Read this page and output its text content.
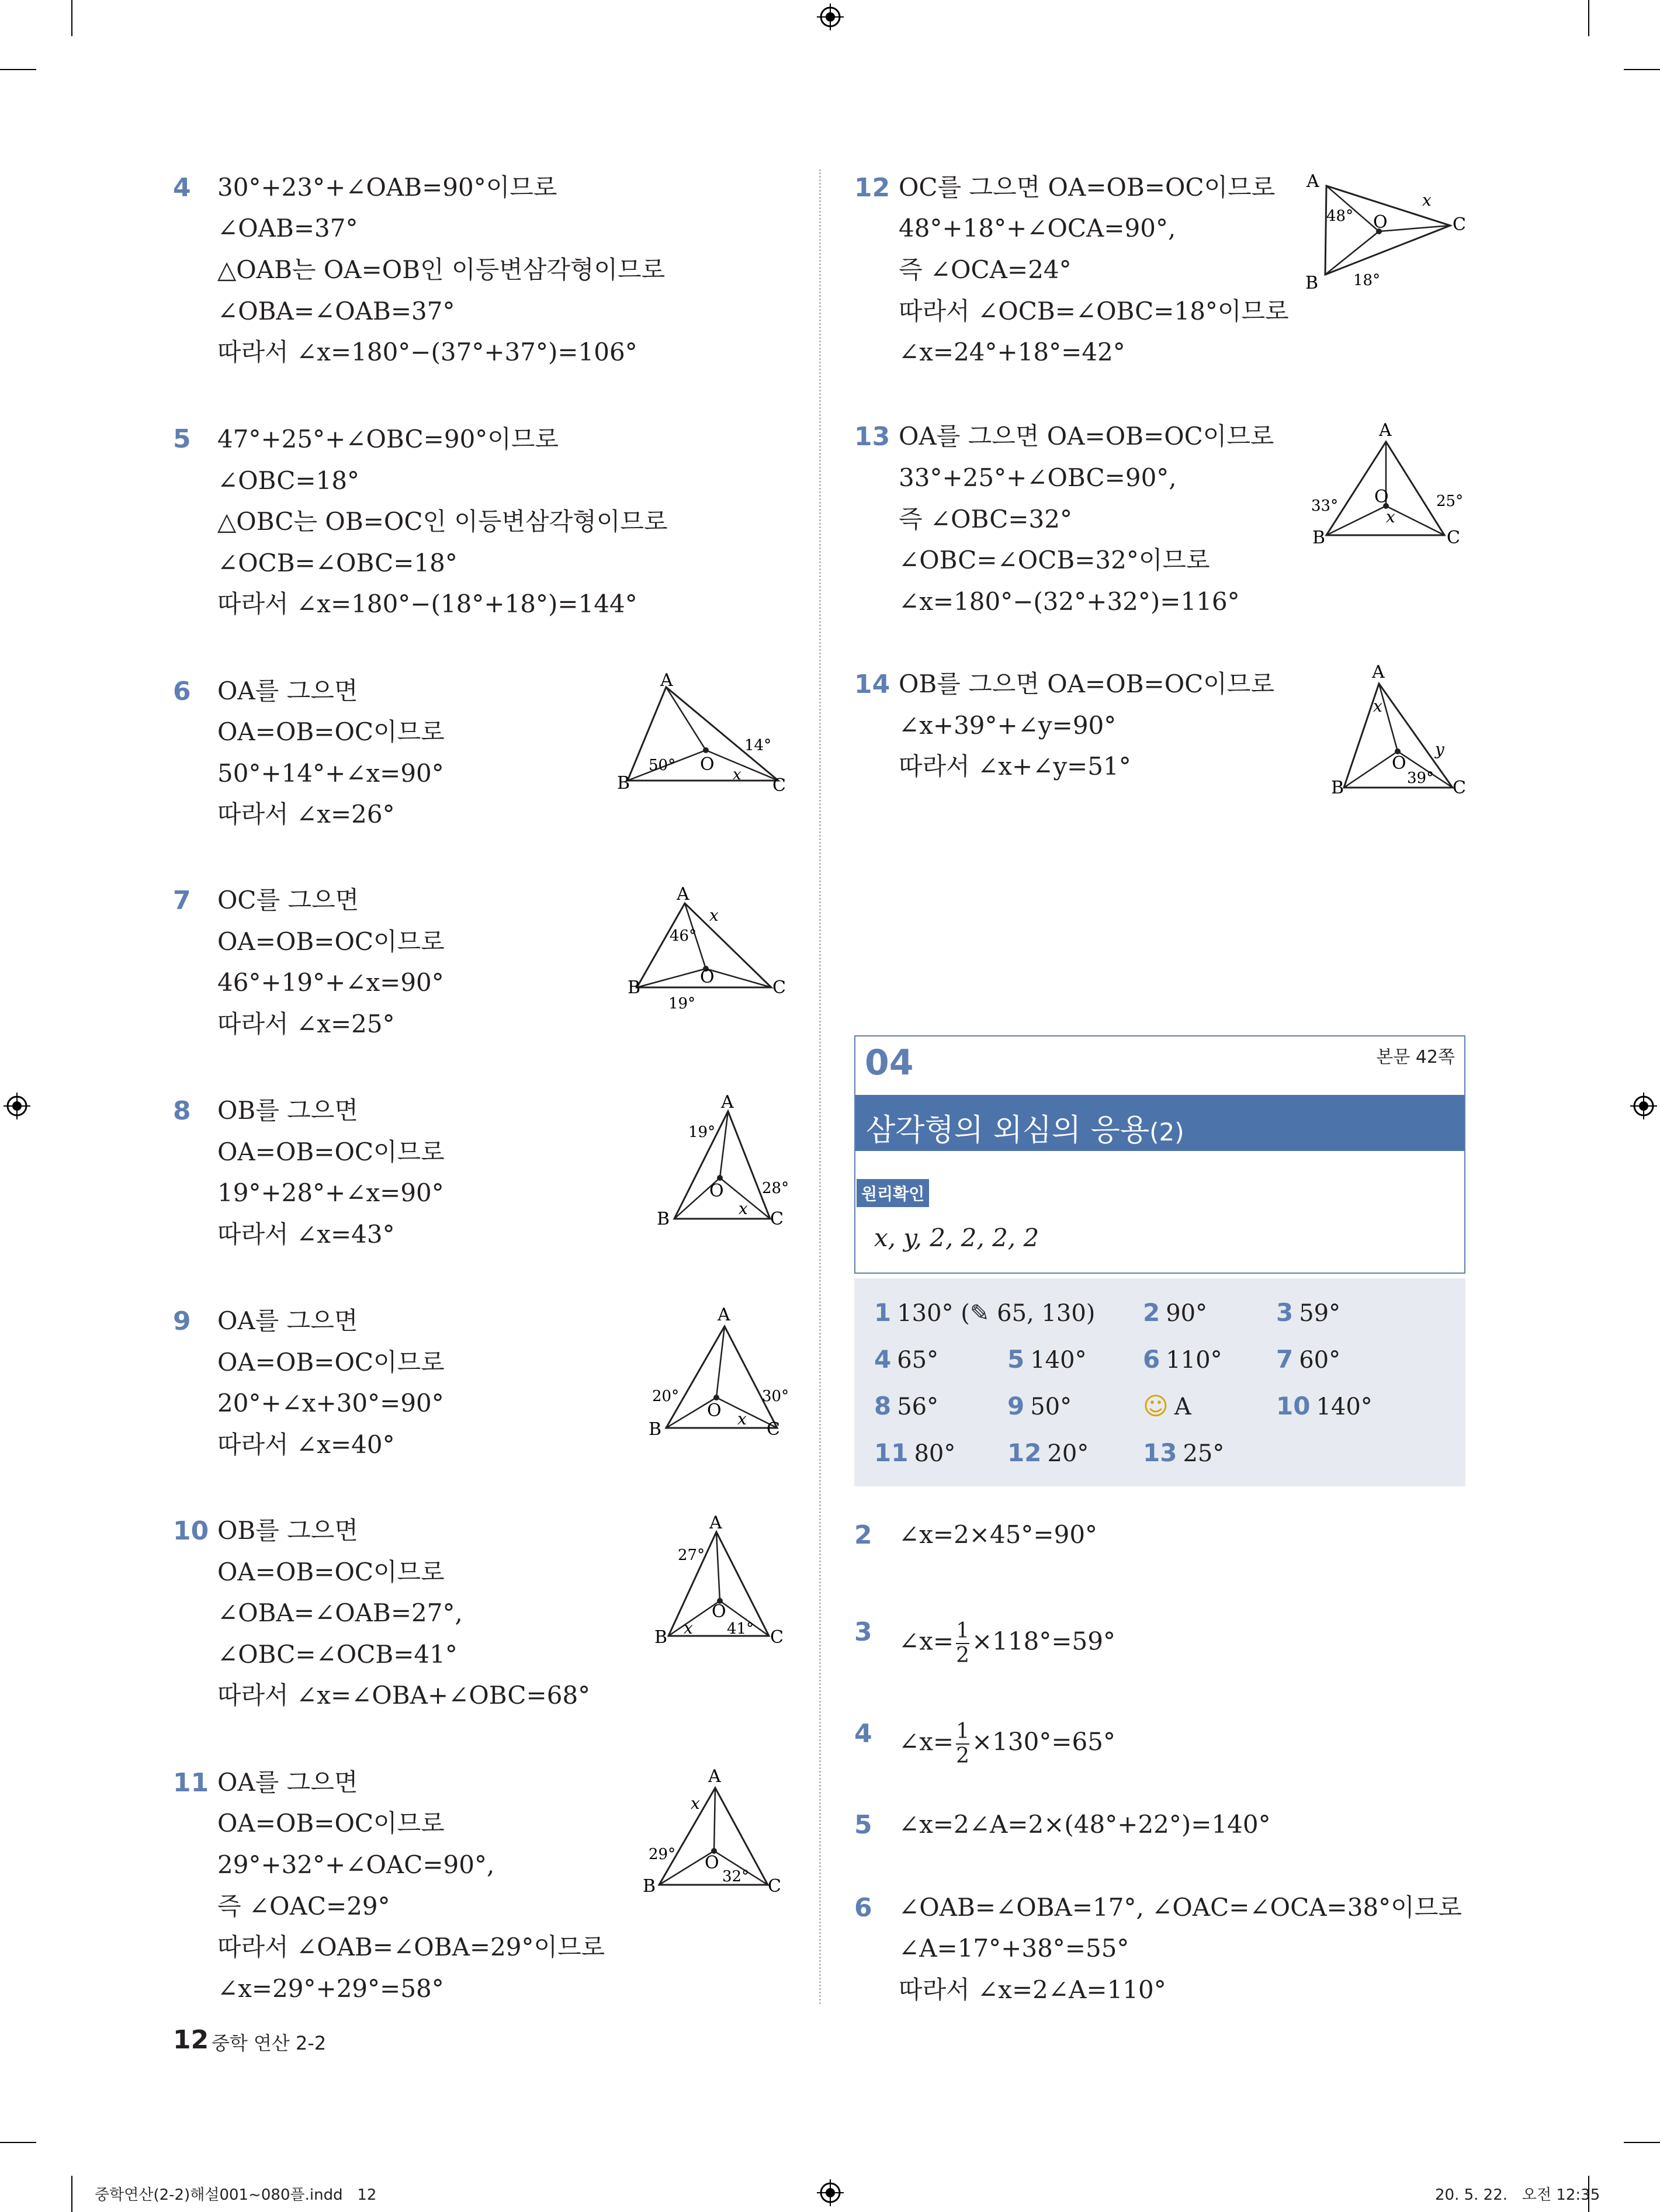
4 30°+23°+∠OAB=90°이므로
∠OAB=37°
△OAB는 OA=OB인 이등변삼각형이므로
∠OBA=∠OAB=37°
따라서 ∠x=180°−(37°+37°)=106°
5 47°+25°+∠OBC=90°이므로
∠OBC=18°
△OBC는 OB=OC인 이등변삼각형이므로
∠OCB=∠OBC=18°
따라서 ∠x=180°−(18°+18°)=144°
6 OA를 그으면
OA=OB=OC이므로
50°+14°+∠x=90°
따라서 ∠x=26°
A
B	C
O
50°
14°
x
7 OC를 그으면
OA=OB=OC이므로
46°+19°+∠x=90°
따라서 ∠x=25°
A
B	C
O
46°
x
19°
8 OB를 그으면
OA=OB=OC이므로
19°+28°+∠x=90°
따라서 ∠x=43°
A
B	C
O
19°
28°
x
9 OA를 그으면
OA=OB=OC이므로
20°+∠x+30°=90°
따라서 ∠x=40°
A
B	C
O
20°	30°
x
10 OB를 그으면
OA=OB=OC이므로
∠OBA=∠OAB=27°,
∠OBC=∠OCB=41°
따라서 ∠x=∠OBA+∠OBC=68°
A
B	C
O
27°
x 41°
11 OA를 그으면
OA=OB=OC이므로
29°+32°+∠OAC=90°,
즉 ∠OAC=29°
따라서 ∠OAB=∠OBA=29°이므로
∠x=29°+29°=58°
A
B	C
O
x
29°
32°
12 OC를 그으면 OA=OB=OC이므로
48°+18°+∠OCA=90°,
즉 ∠OCA=24°
따라서 ∠OCB=∠OBC=18°이므로
∠x=24°+18°=42°
A
B
C
O
48°
18°
x
13 OA를 그으면 OA=OB=OC이므로
33°+25°+∠OBC=90°,
즉 ∠OBC=32°
∠OBC=∠OCB=32°이므로
∠x=180°−(32°+32°)=116°
A
B	C
O
33°	25°
x
14 OB를 그으면 OA=OB=OC이므로
∠x+39°+∠y=90°
따라서 ∠x+∠y=51°
A
B	C
O
x
y
39°
04	본문 42쪽
삼각형의 외심의 응용(2)
원리확인
x, y, 2, 2, 2, 2
1 130° (✎ 65, 130) 2 90°	3 59°
4 65°	5 140° 6 110° 7 60°
8 56°	9 50°	☺ A	10 140°
11 80° 12 20° 13 25°
2 ∠x=2×45°=90°
3 ∠x= $\frac{1}{2} \times 118^\circ=59^\circ$
4 ∠x= $\frac{1}{2} \times 130^\circ=65^\circ$
5 ∠x=2∠A=2×(48°+22°)=140°
6 ∠OAB=∠OBA=17°, ∠OAC=∠OCA=38°이므로
∠A=17°+38°=55°
따라서 ∠x=2∠A=110°
12 중학 연산 2-2
중학연산(2-2)해설001~080플.indd   12	20. 5. 22.   오전 12:35
